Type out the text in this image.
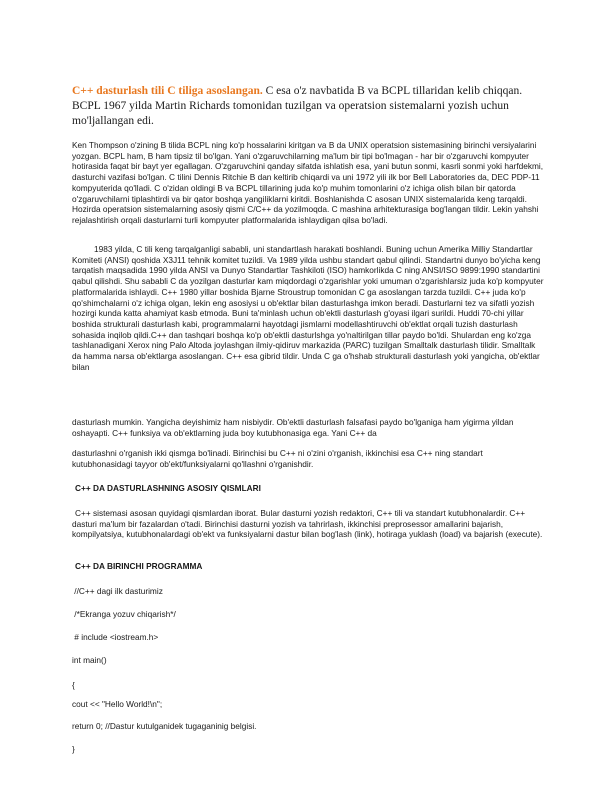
C++ dasturlash tili C tiliga asoslangan. C esa o'z navbatida B va BCPL tillaridan kelib chiqqan. BCPL 1967 yilda Martin Richards tomonidan tuzilgan va operatsion sistemalarni yozish uchun mo'ljallangan edi.

Ken Thompson o'zining B tilida BCPL ning ko'p hossalarini kiritgan va B da UNIX operatsion sistemasining birinchi versiyalarini yozgan. BCPL ham, B ham tipsiz til bo'lgan. Yani o'zgaruvchilarning ma'lum bir tipi bo'lmagan - har bir o'zgaruvchi kompyuter hotirasida faqat bir bayt yer egallagan. O'zgaruvchini qanday sifatda ishlatish esa, yani butun sonmi, kasrli sonmi yoki harfdekmi, dasturchi vazifasi bo'lgan. C tilini Dennis Ritchie B dan keltirib chiqardi va uni 1972 yili ilk bor Bell Laboratories da, DEC PDP-11 kompyuterida qo'lladi. C o'zidan oldingi B va BCPL tillarining juda ko'p muhim tomonlarini o'z ichiga olish bilan bir qatorda o'zgaruvchilarni tiplashtirdi va bir qator boshqa yangiliklarni kiritdi. Boshlanishda C asosan UNIX sistemalarida keng tarqaldi. Hozirda operatsion sistemalarning asosiy qismi C/C++ da yozilmoqda. C mashina arhitekturasiga bog'langan tildir. Lekin yahshi rejalashtirish orqali dasturlarni turli kompyuter platformalarida ishlaydigan qilsa bo'ladi.

1983 yilda, C tili keng tarqalganligi sababli, uni standartlash harakati boshlandi. Buning uchun Amerika Milliy Standartlar Komiteti (ANSI) qoshida X3J11 tehnik komitet tuzildi. Va 1989 yilda ushbu standart qabul qilindi. Standartni dunyo bo'yicha keng tarqatish maqsadida 1990 yilda ANSI va Dunyo Standartlar Tashkiloti (ISO) hamkorlikda C ning ANSI/ISO 9899:1990 standartini qabul qilishdi. Shu sababli C da yozilgan dasturlar kam miqdordagi o'zgarishlar yoki umuman o'zgarishlarsiz juda ko'p kompyuter platformalarida ishlaydi. C++ 1980 yillar boshida Bjarne Stroustrup tomonidan C ga asoslangan tarzda tuzildi. C++ juda ko'p qo'shimchalarni o'z ichiga olgan, lekin eng asosiysi u ob'ektlar bilan dasturlashga imkon beradi. Dasturlarni tez va sifatli yozish hozirgi kunda katta ahamiyat kasb etmoda. Buni ta'minlash uchun ob'ektli dasturlash g'oyasi ilgari surildi. Huddi 70-chi yillar boshida strukturali dasturlash kabi, programmalarni hayotdagi jismlarni modellashtiruvchi ob'ektlat orqali tuzish dasturlash sohasida inqilob qildi.C++ dan tashqari boshqa ko'p ob'ektli dasturlshga yo'naltirilgan tillar paydo bo'ldi. Shulardan eng ko'zga tashlanadigani Xerox ning Palo Altoda joylashgan ilmiy-qidiruv markazida (PARC) tuzilgan Smalltalk dasturlash tilidir. Smalltalk da hamma narsa ob'ektlarga asoslangan. C++ esa gibrid tildir. Unda C ga o'hshab strukturali dasturlash yoki yangicha, ob'ektlar bilan

dasturlash mumkin. Yangicha deyishimiz ham nisbiydir. Ob'ektli dasturlash falsafasi paydo bo'lganiga ham yigirma yildan oshayapti. C++ funksiya va ob'ektlarning juda boy kutubhonasiga ega. Yani C++ da

dasturlashni o'rganish ikki qismga bo'linadi. Birinchisi bu C++ ni o'zini o'rganish, ikkinchisi esa C++ ning standart kutubhonasidagi tayyor ob'ekt/funksiyalarni qo'llashni o'rganishdir.

C++ DA DASTURLASHNING ASOSIY QISMLARI

C++ sistemasi asosan quyidagi qismlardan iborat. Bular dasturni yozish redaktori, C++ tili va standart kutubhonalardir. C++ dasturi ma'lum bir fazalardan o'tadi. Birinchisi dasturni yozish va tahrirlash, ikkinchisi preprosessor amallarini bajarish, kompilyatsiya, kutubhonalardagi ob'ekt va funksiyalarni dastur bilan bog'lash (link), hotiraga yuklash (load) va bajarish (execute).

C++ DA BIRINCHI PROGRAMMA

//C++ dagi ilk dasturimiz
/*Ekranga yozuv chiqarish*/
# include <iostream.h>
int main()
{
cout << "Hello World!\n";
return 0; //Dastur kutulganidek tugaganinig belgisi.
}
